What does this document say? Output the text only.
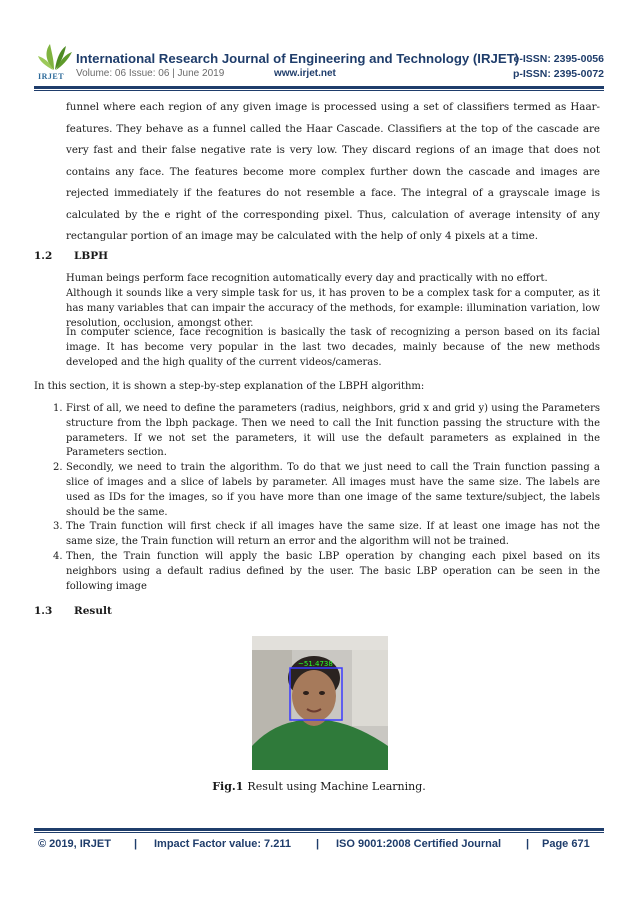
IRJET
International Research Journal of Engineering and Technology (IRJET)
e-ISSN: 2395-0056
Volume: 06 Issue: 06 | June 2019	www.irjet.net	p-ISSN: 2395-0072
funnel where each region of any given image is processed using a set of classifiers termed as Haar-features. They behave as a funnel called the Haar Cascade. Classifiers at the top of the cascade are very fast and their false negative rate is very low. They discard regions of an image that does not contains any face. The features become more complex further down the cascade and images are rejected immediately if the features do not resemble a face. The integral of a grayscale image is calculated by the e right of the corresponding pixel. Thus, calculation of average intensity of any rectangular portion of an image may be calculated with the help of only 4 pixels at a time.
1.2 LBPH
Human beings perform face recognition automatically every day and practically with no effort.
Although it sounds like a very simple task for us, it has proven to be a complex task for a computer, as it has many variables that can impair the accuracy of the methods, for example: illumination variation, low resolution, occlusion, amongst other.
In computer science, face recognition is basically the task of recognizing a person based on its facial image. It has become very popular in the last two decades, mainly because of the new methods developed and the high quality of the current videos/cameras.
In this section, it is shown a step-by-step explanation of the LBPH algorithm:
1. First of all, we need to define the parameters (radius, neighbors, grid x and grid y) using the Parameters structure from the lbph package. Then we need to call the Init function passing the structure with the parameters. If we not set the parameters, it will use the default parameters as explained in the Parameters section.
2. Secondly, we need to train the algorithm. To do that we just need to call the Train function passing a slice of images and a slice of labels by parameter. All images must have the same size. The labels are used as IDs for the images, so if you have more than one image of the same texture/subject, the labels should be the same.
3. The Train function will first check if all images have the same size. If at least one image has not the same size, the Train function will return an error and the algorithm will not be trained.
4. Then, the Train function will apply the basic LBP operation by changing each pixel based on its neighbors using a default radius defined by the user. The basic LBP operation can be seen in the following image
1.3 Result
~51.4738
Fig.1 Result using Machine Learning.
© 2019, IRJET | Impact Factor value: 7.211 | ISO 9001:2008 Certified Journal | Page 671
